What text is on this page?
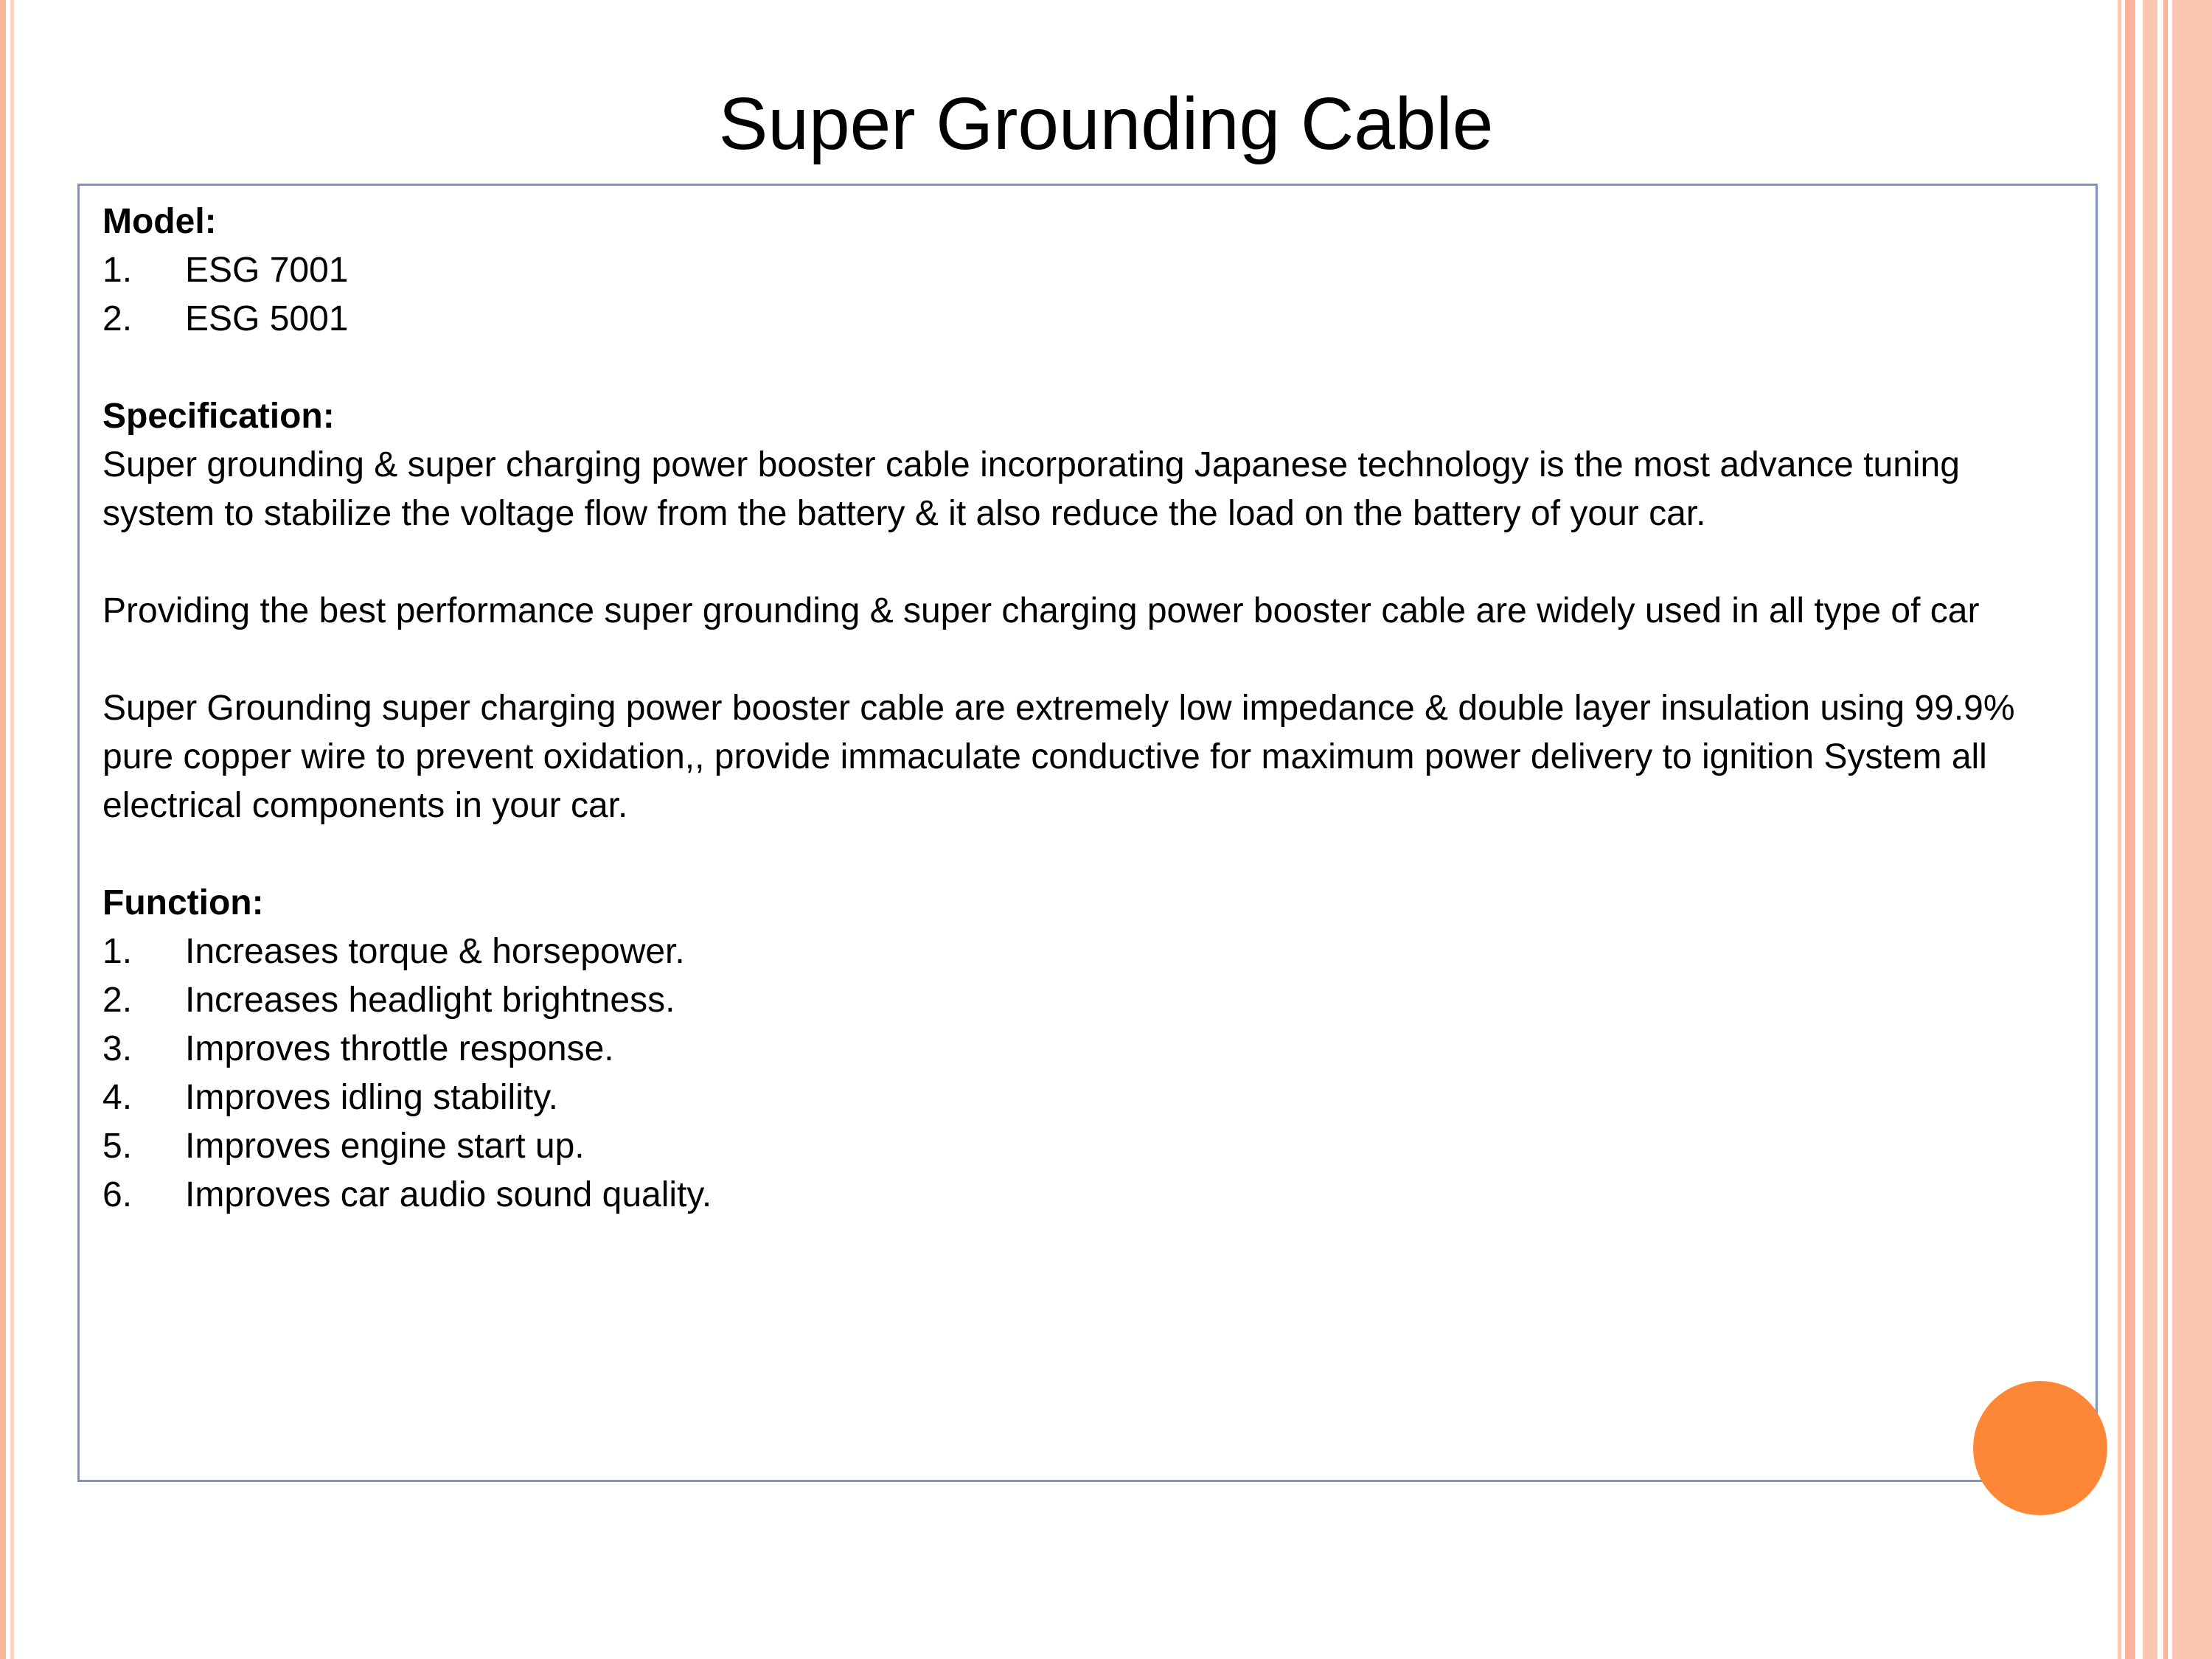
Super Grounding Cable

Model:

1.	ESG 7001
2.	ESG 5001

Specification:

Super grounding & super charging power booster cable incorporating Japanese technology is the most advance tuning system to stabilize the voltage flow from the battery & it also reduce the load on the battery of your car.

Providing the best performance super grounding & super charging power booster cable are widely used in all type of car

Super Grounding super charging power booster cable are extremely low impedance & double layer insulation using 99.9% pure copper wire to prevent oxidation,, provide immaculate conductive for maximum power delivery to ignition System all electrical components in your car.

Function:

1.	Increases torque & horsepower.
2.	Increases headlight brightness.
3.	Improves throttle response.
4.	Improves idling stability.
5.	Improves engine start up.
6.	Improves car audio sound quality.
